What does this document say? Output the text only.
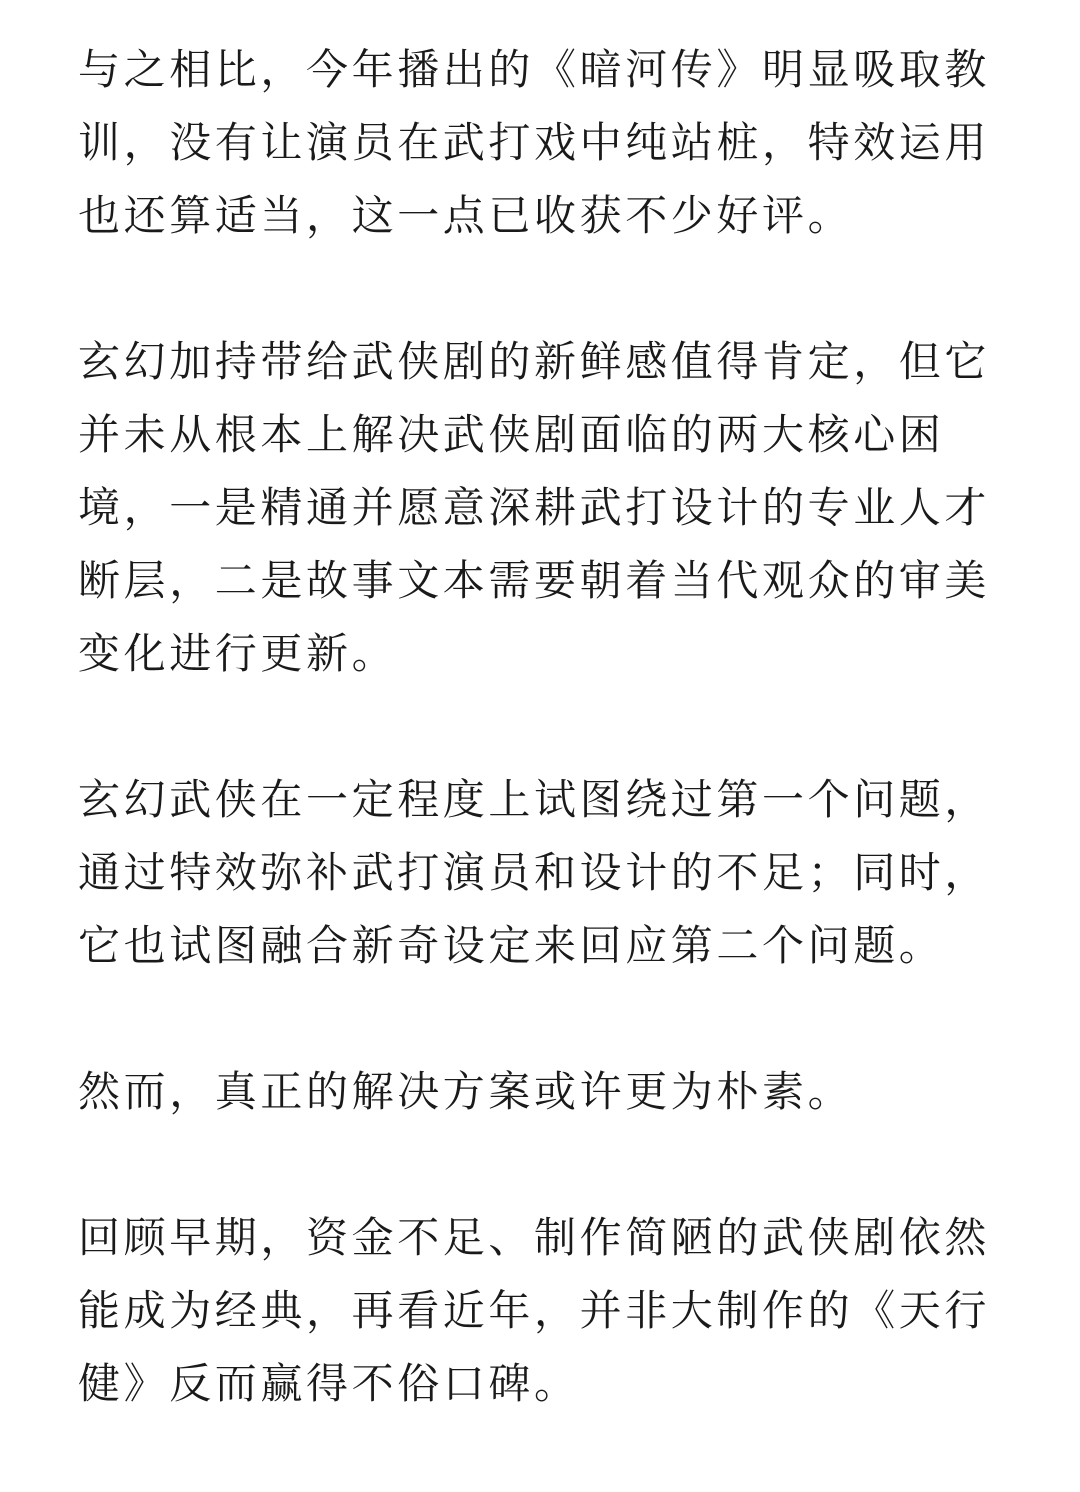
与之相比，今年播出的《暗河传》明显吸取教
训，没有让演员在武打戏中纯站桩，特效运用
也还算适当，这一点已收获不少好评。
玄幻加持带给武侠剧的新鲜感值得肯定，但它
并未从根本上解决武侠剧面临的两大核心困
境，一是精通并愿意深耕武打设计的专业人才
断层，二是故事文本需要朝着当代观众的审美
变化进行更新。
玄幻武侠在一定程度上试图绕过第一个问题，
通过特效弥补武打演员和设计的不足；同时，
它也试图融合新奇设定来回应第二个问题。
然而，真正的解决方案或许更为朴素。
回顾早期，资金不足、制作简陋的武侠剧依然
能成为经典，再看近年，并非大制作的《天行
健》反而赢得不俗口碑。
